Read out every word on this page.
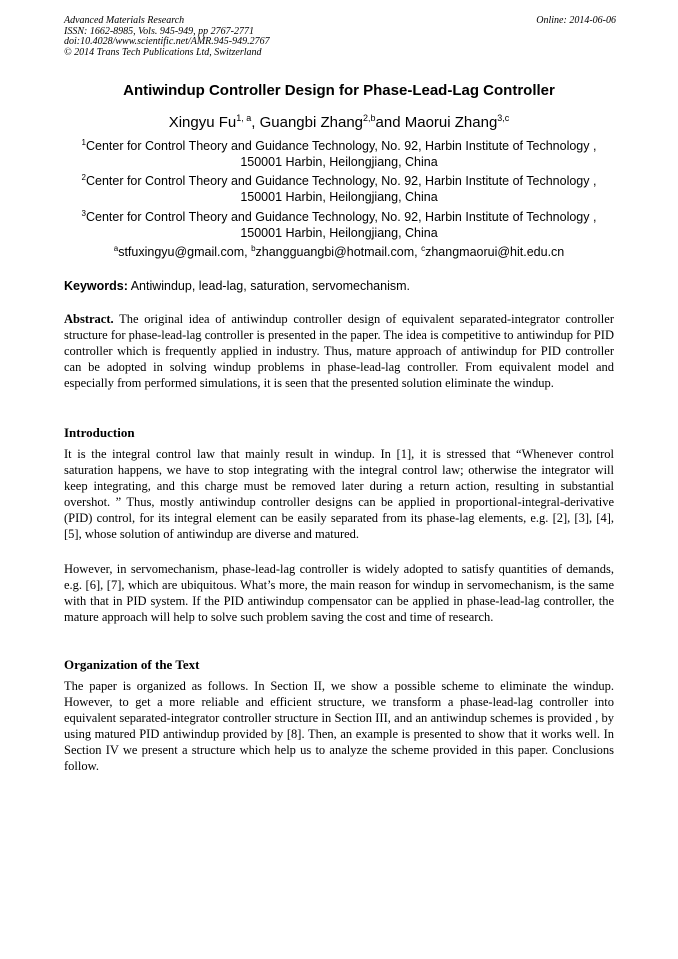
Advanced Materials Research
ISSN: 1662-8985, Vols. 945-949, pp 2767-2771
doi:10.4028/www.scientific.net/AMR.945-949.2767
© 2014 Trans Tech Publications Ltd, Switzerland
Online: 2014-06-06
Antiwindup Controller Design for Phase-Lead-Lag Controller
Xingyu Fu$^{1, a}$, Guangbi Zhang$^{2,b}$and Maorui Zhang$^{3,c}$
$^1$Center for Control Theory and Guidance Technology, No. 92, Harbin Institute of Technology ,
150001 Harbin, Heilongjiang, China
$^2$Center for Control Theory and Guidance Technology, No. 92, Harbin Institute of Technology ,
150001 Harbin, Heilongjiang, China
$^3$Center for Control Theory and Guidance Technology, No. 92, Harbin Institute of Technology ,
150001 Harbin, Heilongjiang, China
$^a$stfuxingyu@gmail.com, $^b$zhangguangbi@hotmail.com, $^c$zhangmaorui@hit.edu.cn
Keywords: Antiwindup, lead-lag, saturation, servomechanism.
Abstract. The original idea of antiwindup controller design of equivalent separated-integrator controller structure for phase-lead-lag controller is presented in the paper. The idea is competitive to antiwindup for PID controller which is frequently applied in industry. Thus, mature approach of antiwindup for PID controller can be adopted in solving windup problems in phase-lead-lag controller. From equivalent model and especially from performed simulations, it is seen that the presented solution eliminate the windup.
Introduction
It is the integral control law that mainly result in windup. In [1], it is stressed that “Whenever control saturation happens, we have to stop integrating with the integral control law; otherwise the integrator will keep integrating, and this charge must be removed later during a return action, resulting in substantial overshot. ” Thus, mostly antiwindup controller designs can be applied in proportional-integral-derivative (PID) control, for its integral element can be easily separated from its phase-lag elements, e.g. [2], [3], [4], [5], whose solution of antiwindup are diverse and matured.
However, in servomechanism, phase-lead-lag controller is widely adopted to satisfy quantities of demands, e.g. [6], [7], which are ubiquitous. What’s more, the main reason for windup in servomechanism, is the same with that in PID system. If the PID antiwindup compensator can be applied in phase-lead-lag controller, the mature approach will help to solve such problem saving the cost and time of research.
Organization of the Text
The paper is organized as follows. In Section II, we show a possible scheme to eliminate the windup. However, to get a more reliable and efficient structure, we transform a phase-lead-lag controller into equivalent separated-integrator controller structure in Section III, and an antiwindup schemes is provided , by using matured PID antiwindup provided by [8]. Then, an example is presented to show that it works well. In Section IV we present a structure which help us to analyze the scheme provided in this paper. Conclusions follow.
